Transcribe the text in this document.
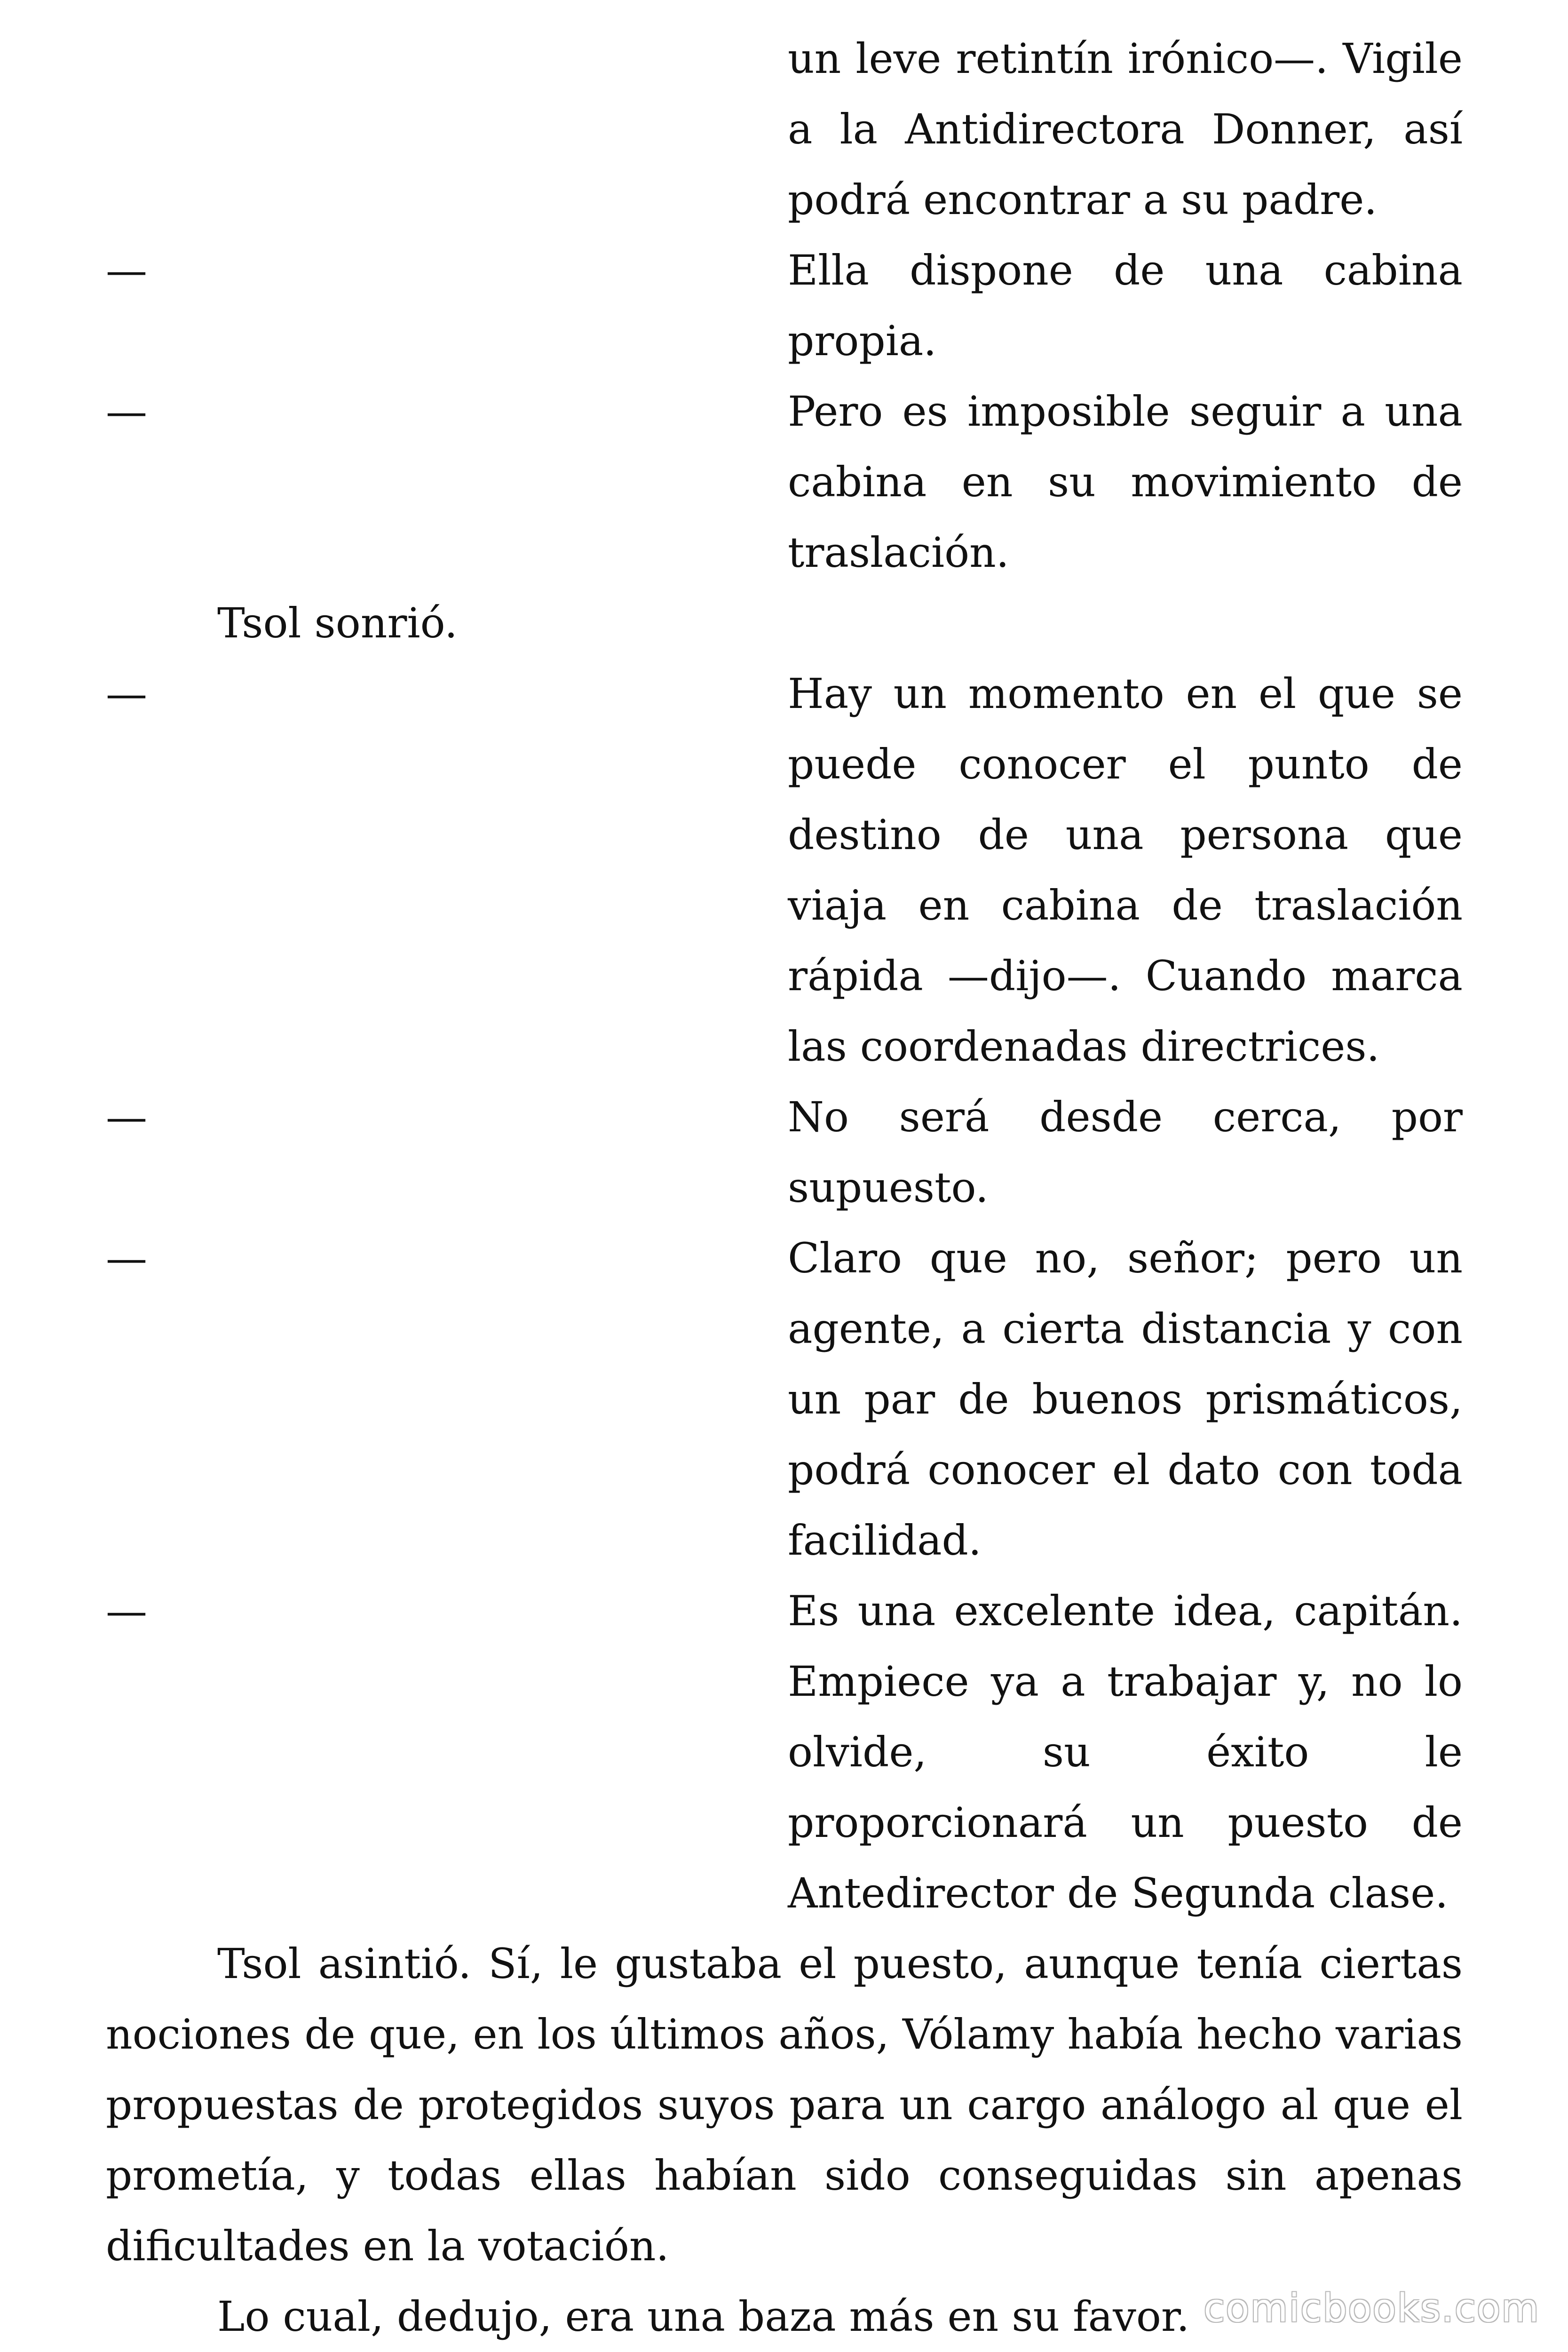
un leve retintín irónico—. Vigile a la Antidirectora Donner, así podrá encontrar a su padre.
—	Ella dispone de una cabina propia.
—	Pero es imposible seguir a una cabina en su movimiento de traslación.

Tsol sonrió.

—	Hay un momento en el que se puede conocer el punto de destino de una persona que viaja en cabina de traslación rápida —dijo—. Cuando marca las coordenadas directrices.
—	No será desde cerca, por supuesto.
—	Claro que no, señor; pero un agente, a cierta distancia y con un par de buenos prismáticos, podrá conocer el dato con toda facilidad.
—	Es una excelente idea, capitán. Empiece ya a trabajar y, no lo olvide, su éxito le proporcionará un puesto de Antedirector de Segunda clase.

Tsol asintió. Sí, le gustaba el puesto, aunque tenía ciertas nociones de que, en los últimos años, Vólamy había hecho varias propuestas de protegidos suyos para un cargo análogo al que el prometía, y todas ellas habían sido conseguidas sin apenas dificultades en la votación.

Lo cual, dedujo, era una baza más en su favor. comicbooks.com
